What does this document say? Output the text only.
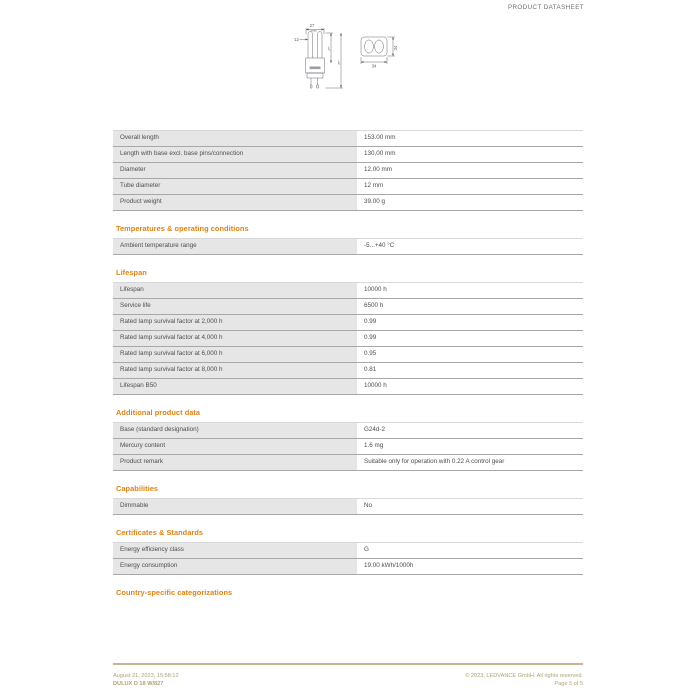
PRODUCT DATASHEET
27
max.
12
l₁
l₂
34
34
Overall length	153.00 mm
Length with base excl. base pins/connection	130,00 mm
Diameter	12.00 mm
Tube diameter	12 mm
Product weight	39.00 g
Temperatures & operating conditions
Ambient temperature range	-5...+40 °C
Lifespan
Lifespan	10000 h
Service life	6500 h
Rated lamp survival factor at 2,000 h	0.99
Rated lamp survival factor at 4,000 h	0.99
Rated lamp survival factor at 6,000 h	0.95
Rated lamp survival factor at 8,000 h	0.81
Lifespan B50	10000 h
Additional product data
Base (standard designation)	G24d-2
Mercury content	1.6 mg
Product remark	Suitable only for operation with 0.22 A control gear
Capabilities
Dimmable	No
Certificates & Standards
Energy efficiency class	G
Energy consumption	19.00 kWh/1000h
Country-specific categorizations
August 21, 2023, 15:58:12
DULUX D 18 W/827
© 2023, LEDVANCE GmbH. All rights reserved.
Page 5 of 5
